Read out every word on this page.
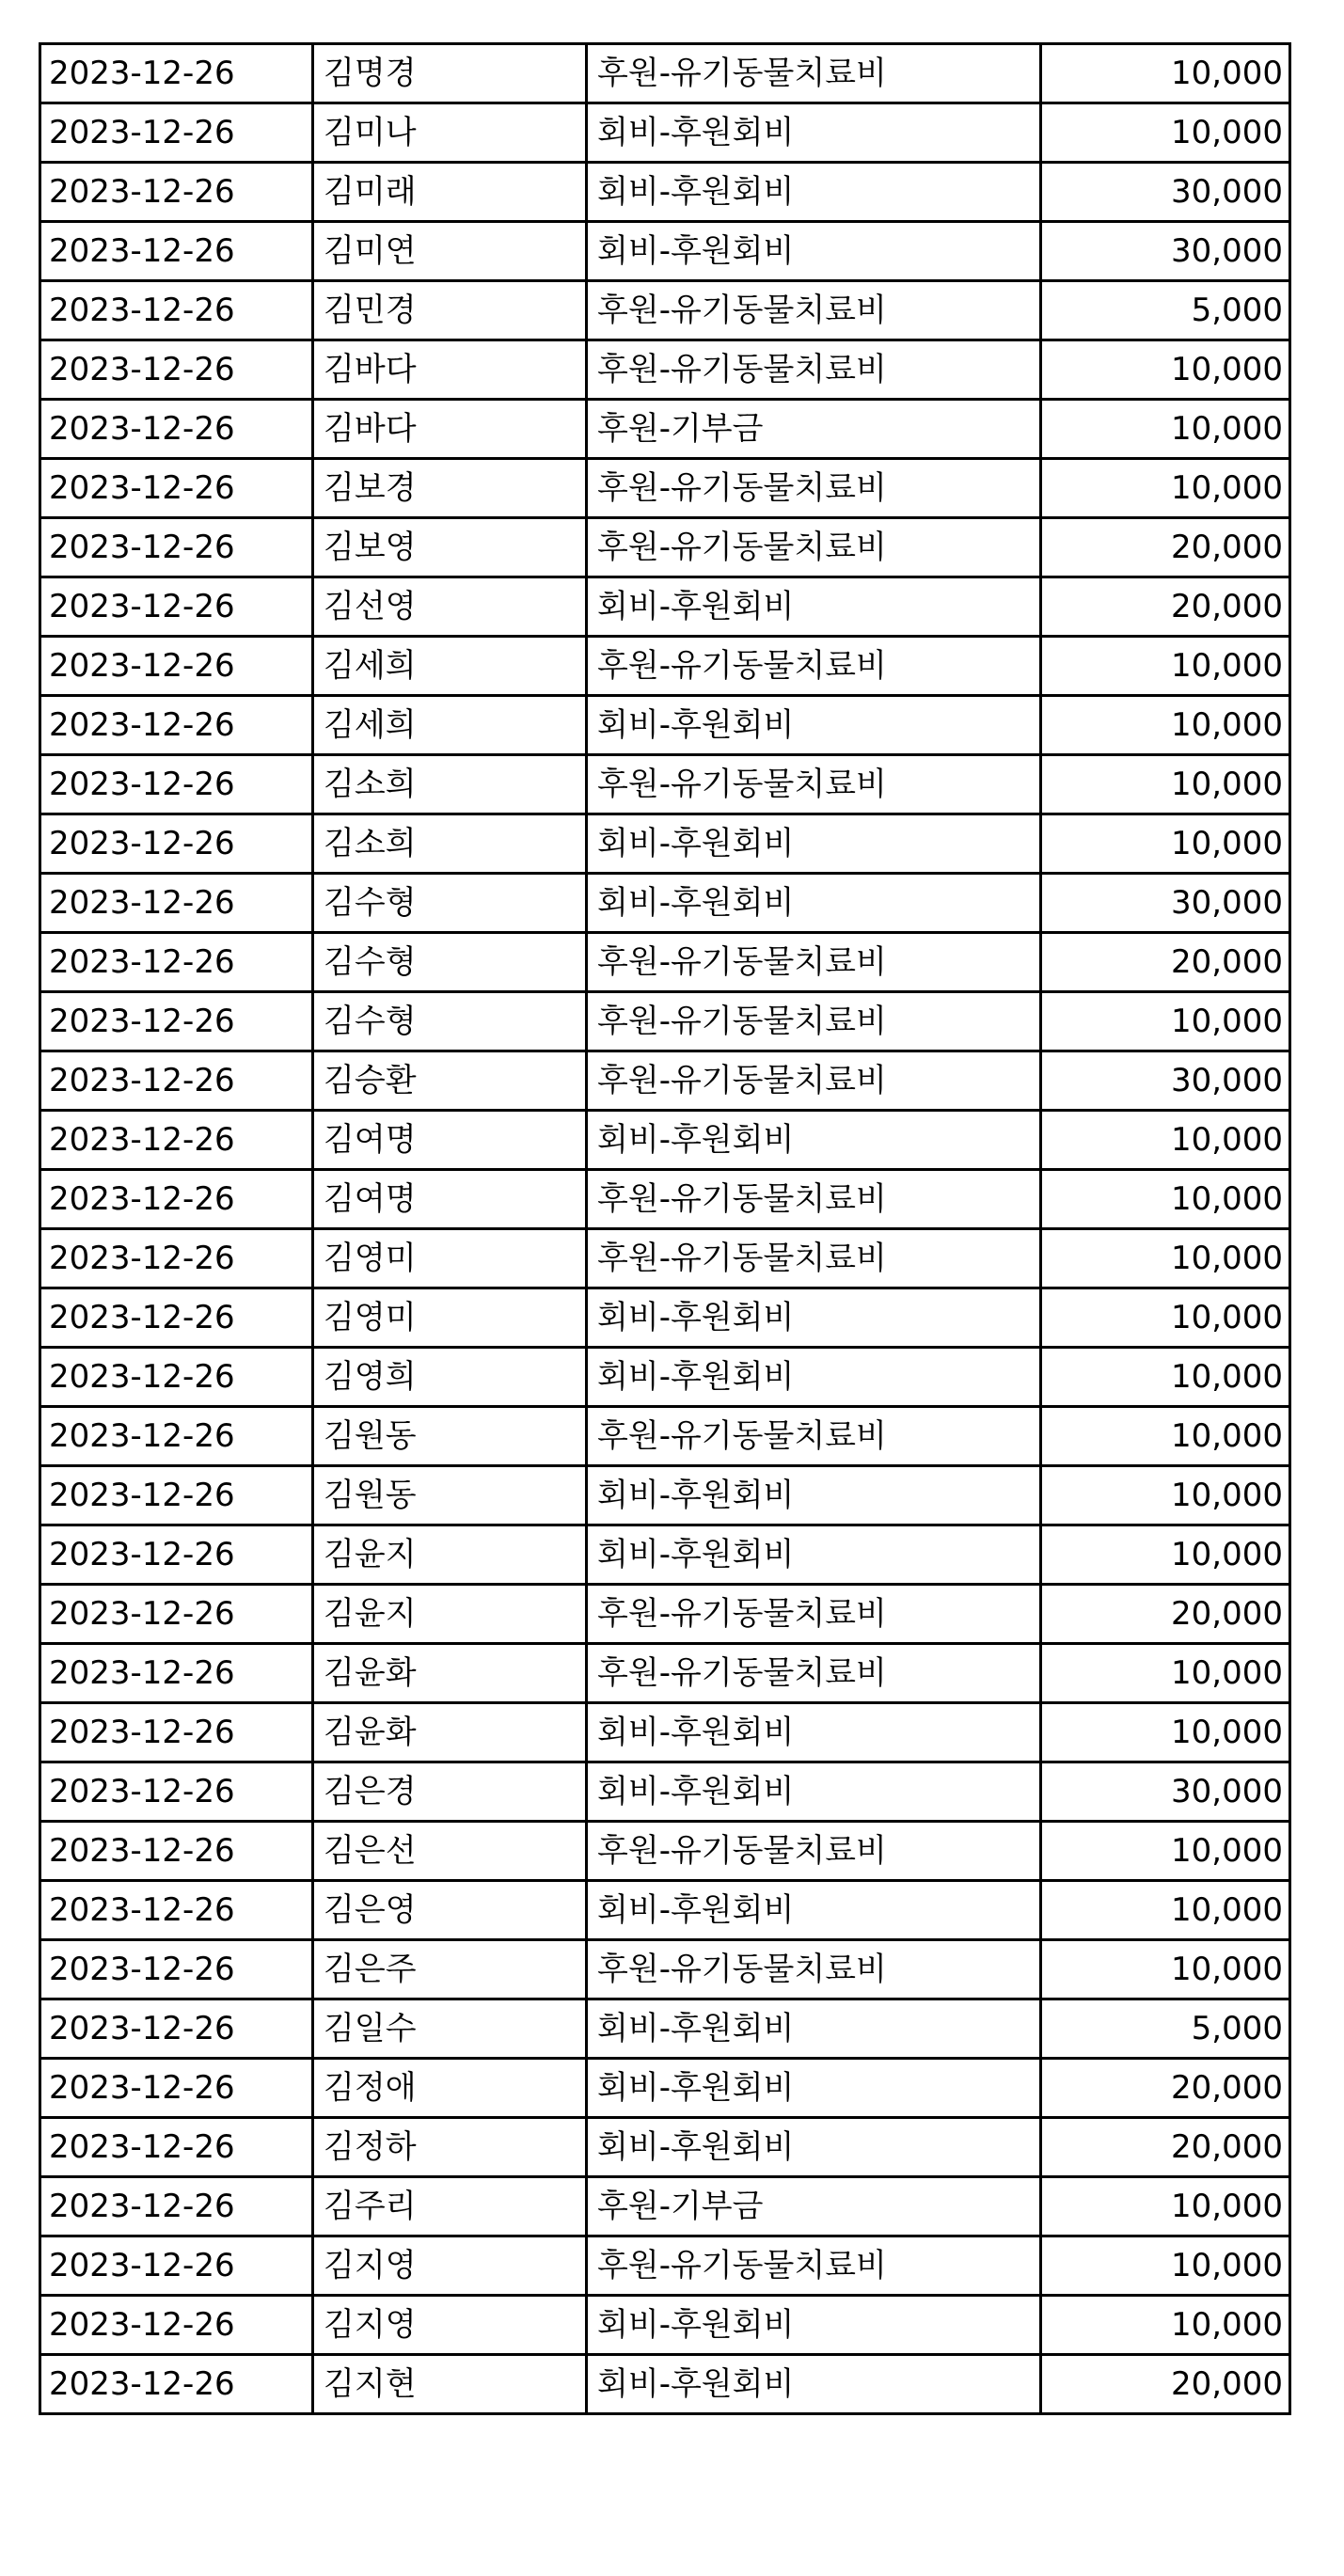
2023-12-26	김명경	후원-유기동물치료비	10,000
2023-12-26	김미나	회비-후원회비	10,000
2023-12-26	김미래	회비-후원회비	30,000
2023-12-26	김미연	회비-후원회비	30,000
2023-12-26	김민경	후원-유기동물치료비	5,000
2023-12-26	김바다	후원-유기동물치료비	10,000
2023-12-26	김바다	후원-기부금	10,000
2023-12-26	김보경	후원-유기동물치료비	10,000
2023-12-26	김보영	후원-유기동물치료비	20,000
2023-12-26	김선영	회비-후원회비	20,000
2023-12-26	김세희	후원-유기동물치료비	10,000
2023-12-26	김세희	회비-후원회비	10,000
2023-12-26	김소희	후원-유기동물치료비	10,000
2023-12-26	김소희	회비-후원회비	10,000
2023-12-26	김수형	회비-후원회비	30,000
2023-12-26	김수형	후원-유기동물치료비	20,000
2023-12-26	김수형	후원-유기동물치료비	10,000
2023-12-26	김승환	후원-유기동물치료비	30,000
2023-12-26	김여명	회비-후원회비	10,000
2023-12-26	김여명	후원-유기동물치료비	10,000
2023-12-26	김영미	후원-유기동물치료비	10,000
2023-12-26	김영미	회비-후원회비	10,000
2023-12-26	김영희	회비-후원회비	10,000
2023-12-26	김원동	후원-유기동물치료비	10,000
2023-12-26	김원동	회비-후원회비	10,000
2023-12-26	김윤지	회비-후원회비	10,000
2023-12-26	김윤지	후원-유기동물치료비	20,000
2023-12-26	김윤화	후원-유기동물치료비	10,000
2023-12-26	김윤화	회비-후원회비	10,000
2023-12-26	김은경	회비-후원회비	30,000
2023-12-26	김은선	후원-유기동물치료비	10,000
2023-12-26	김은영	회비-후원회비	10,000
2023-12-26	김은주	후원-유기동물치료비	10,000
2023-12-26	김일수	회비-후원회비	5,000
2023-12-26	김정애	회비-후원회비	20,000
2023-12-26	김정하	회비-후원회비	20,000
2023-12-26	김주리	후원-기부금	10,000
2023-12-26	김지영	후원-유기동물치료비	10,000
2023-12-26	김지영	회비-후원회비	10,000
2023-12-26	김지현	회비-후원회비	20,000
